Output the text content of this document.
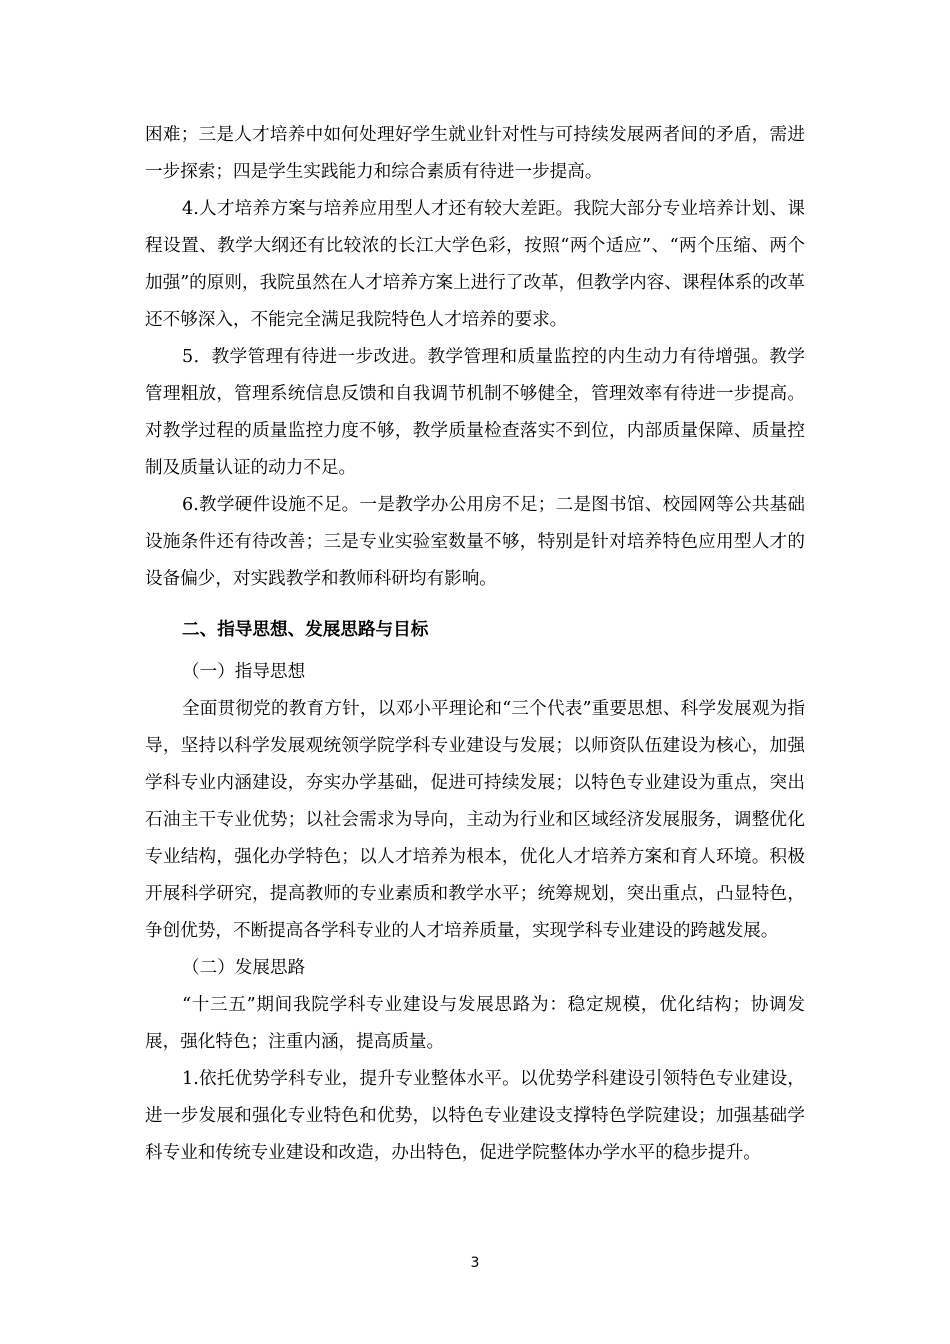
困难；三是人才培养中如何处理好学生就业针对性与可持续发展两者间的矛盾，需进一步探索；四是学生实践能力和综合素质有待进一步提高。

4.人才培养方案与培养应用型人才还有较大差距。我院大部分专业培养计划、课程设置、教学大纲还有比较浓的长江大学色彩，按照“两个适应”、“两个压缩、两个加强”的原则，我院虽然在人才培养方案上进行了改革，但教学内容、课程体系的改革还不够深入，不能完全满足我院特色人才培养的要求。

5．教学管理有待进一步改进。教学管理和质量监控的内生动力有待增强。教学管理粗放，管理系统信息反馈和自我调节机制不够健全，管理效率有待进一步提高。对教学过程的质量监控力度不够，教学质量检查落实不到位，内部质量保障、质量控制及质量认证的动力不足。

6.教学硬件设施不足。一是教学办公用房不足；二是图书馆、校园网等公共基础设施条件还有待改善；三是专业实验室数量不够，特别是针对培养特色应用型人才的设备偏少，对实践教学和教师科研均有影响。

二、指导思想、发展思路与目标

（一）指导思想

全面贯彻党的教育方针，以邓小平理论和“三个代表”重要思想、科学发展观为指导，坚持以科学发展观统领学院学科专业建设与发展；以师资队伍建设为核心，加强学科专业内涵建设，夯实办学基础，促进可持续发展；以特色专业建设为重点，突出石油主干专业优势；以社会需求为导向，主动为行业和区域经济发展服务，调整优化专业结构，强化办学特色；以人才培养为根本，优化人才培养方案和育人环境。积极开展科学研究，提高教师的专业素质和教学水平；统筹规划，突出重点，凸显特色，争创优势，不断提高各学科专业的人才培养质量，实现学科专业建设的跨越发展。

（二）发展思路

“十三五”期间我院学科专业建设与发展思路为：稳定规模，优化结构；协调发展，强化特色；注重内涵，提高质量。

1.依托优势学科专业，提升专业整体水平。以优势学科建设引领特色专业建设，进一步发展和强化专业特色和优势，以特色专业建设支撑特色学院建设；加强基础学科专业和传统专业建设和改造，办出特色，促进学院整体办学水平的稳步提升。

3
